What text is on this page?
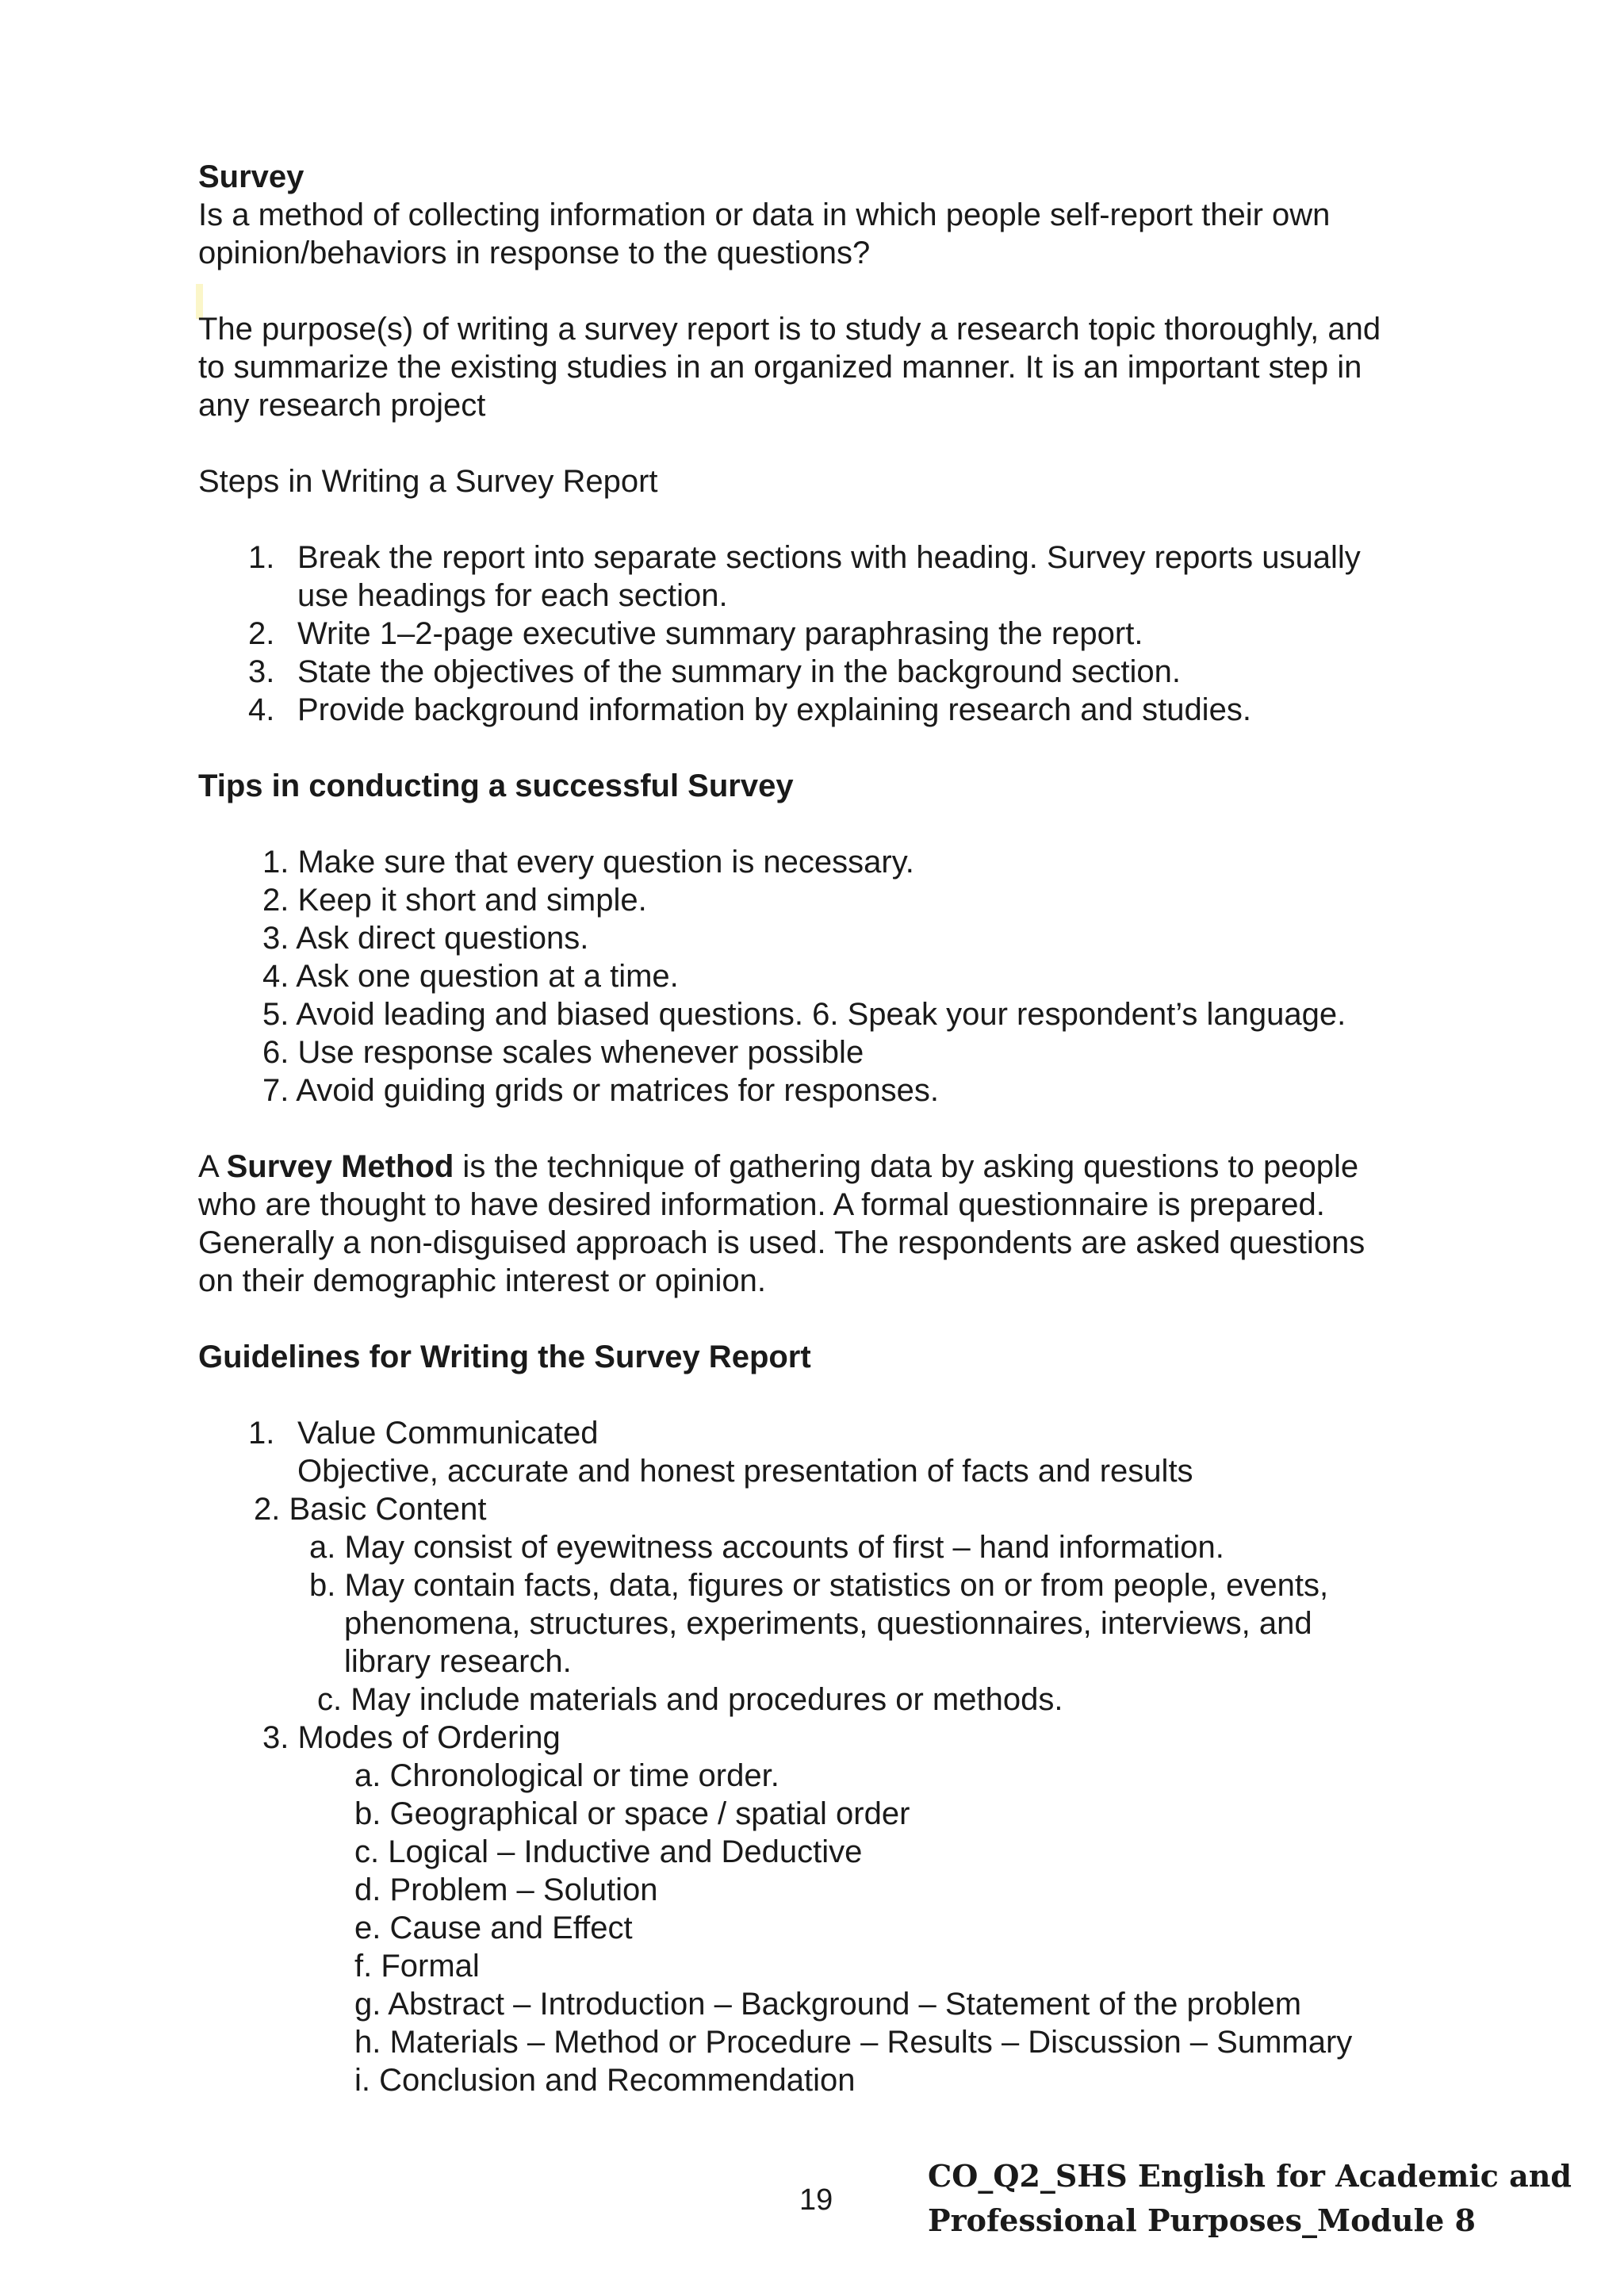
Survey

Is a method of collecting information or data in which people self-report their own

opinion/behaviors in response to the questions?

The purpose(s) of writing a survey report is to study a research topic thoroughly, and

to summarize the existing studies in an organized manner. It is an important step in

any research project

Steps in Writing a Survey Report

1. Break the report into separate sections with heading. Survey reports usually
use headings for each section.
2. Write 1–2-page executive summary paraphrasing the report.
3. State the objectives of the summary in the background section.
4. Provide background information by explaining research and studies.

Tips in conducting a successful Survey

1. Make sure that every question is necessary.

2. Keep it short and simple.

3. Ask direct questions.

4. Ask one question at a time.

5. Avoid leading and biased questions. 6. Speak your respondent’s language.

6. Use response scales whenever possible

7. Avoid guiding grids or matrices for responses.

A Survey Method is the technique of gathering data by asking questions to people

who are thought to have desired information. A formal questionnaire is prepared.

Generally a non-disguised approach is used. The respondents are asked questions

on their demographic interest or opinion.

Guidelines for Writing the Survey Report

1. Value Communicated
Objective, accurate and honest presentation of facts and results
2. Basic Content
a. May consist of eyewitness accounts of first – hand information.
b. May contain facts, data, figures or statistics on or from people, events,
phenomena, structures, experiments, questionnaires, interviews, and
library research.
c. May include materials and procedures or methods.
3. Modes of Ordering
a. Chronological or time order.
b. Geographical or space / spatial order
c. Logical – Inductive and Deductive
d. Problem – Solution
e. Cause and Effect
f. Formal
g. Abstract – Introduction – Background – Statement of the problem
h. Materials – Method or Procedure – Results – Discussion – Summary
i. Conclusion and Recommendation
19
CO_Q2_SHS English for Academic and
Professional Purposes_Module 8
